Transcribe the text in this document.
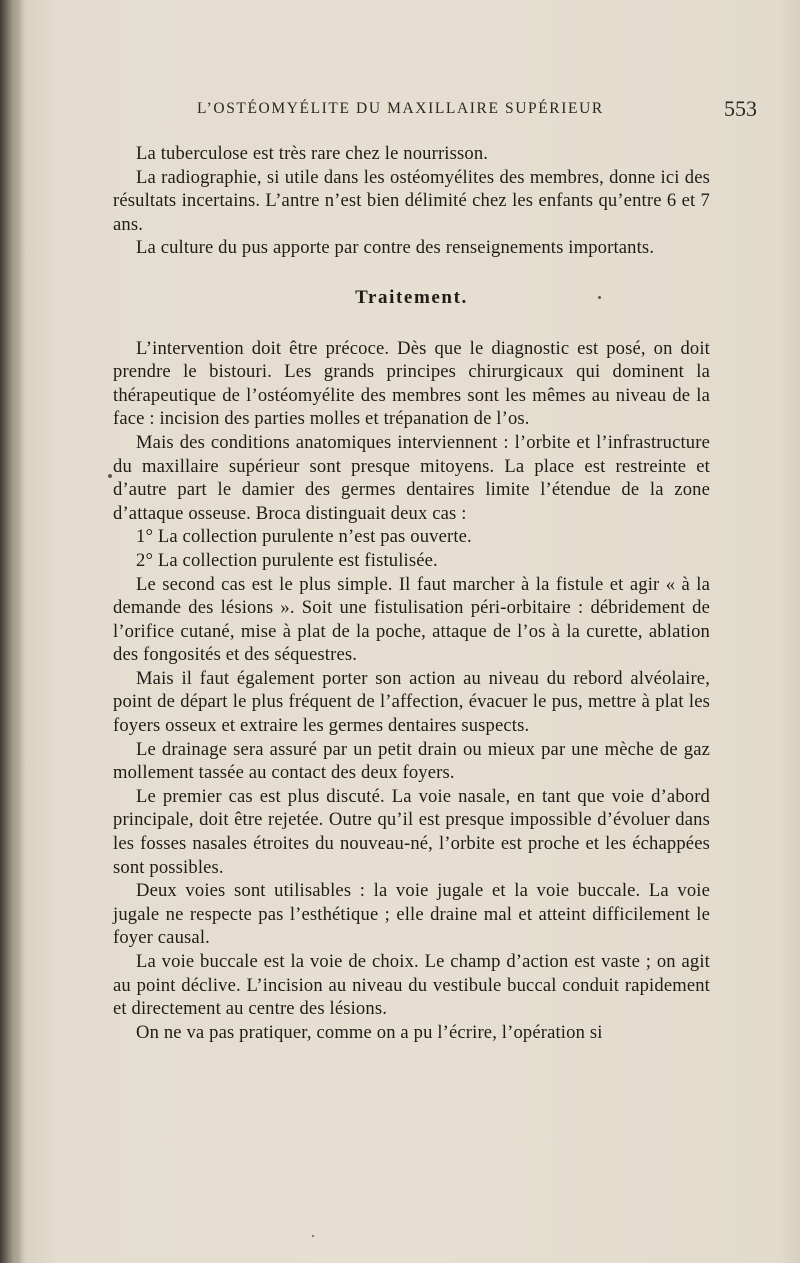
L’OSTÉOMYÉLITE DU MAXILLAIRE SUPÉRIEUR	553

La tuberculose est très rare chez le nourrisson.

La radiographie, si utile dans les ostéomyélites des membres, donne ici des résultats incertains. L’antre n’est bien délimité chez les enfants qu’entre 6 et 7 ans.

La culture du pus apporte par contre des renseignements importants.

Traitement.

L’intervention doit être précoce. Dès que le diagnostic est posé, on doit prendre le bistouri. Les grands principes chirurgicaux qui dominent la thérapeutique de l’ostéomyélite des membres sont les mêmes au niveau de la face : incision des parties molles et trépanation de l’os.

Mais des conditions anatomiques interviennent : l’orbite et l’infrastructure du maxillaire supérieur sont presque mitoyens. La place est restreinte et d’autre part le damier des germes dentaires limite l’étendue de la zone d’attaque osseuse. Broca distinguait deux cas :

1° La collection purulente n’est pas ouverte.

2° La collection purulente est fistulisée.

Le second cas est le plus simple. Il faut marcher à la fistule et agir « à la demande des lésions ». Soit une fistulisation péri-orbitaire : débridement de l’orifice cutané, mise à plat de la poche, attaque de l’os à la curette, ablation des fongosités et des séquestres.

Mais il faut également porter son action au niveau du rebord alvéolaire, point de départ le plus fréquent de l’affection, évacuer le pus, mettre à plat les foyers osseux et extraire les germes dentaires suspects.

Le drainage sera assuré par un petit drain ou mieux par une mèche de gaz mollement tassée au contact des deux foyers.

Le premier cas est plus discuté. La voie nasale, en tant que voie d’abord principale, doit être rejetée. Outre qu’il est presque impossible d’évoluer dans les fosses nasales étroites du nouveau-né, l’orbite est proche et les échappées sont possibles.

Deux voies sont utilisables : la voie jugale et la voie buccale. La voie jugale ne respecte pas l’esthétique ; elle draine mal et atteint difficilement le foyer causal.

La voie buccale est la voie de choix. Le champ d’action est vaste ; on agit au point déclive. L’incision au niveau du vestibule buccal conduit rapidement et directement au centre des lésions.

On ne va pas pratiquer, comme on a pu l’écrire, l’opération si
